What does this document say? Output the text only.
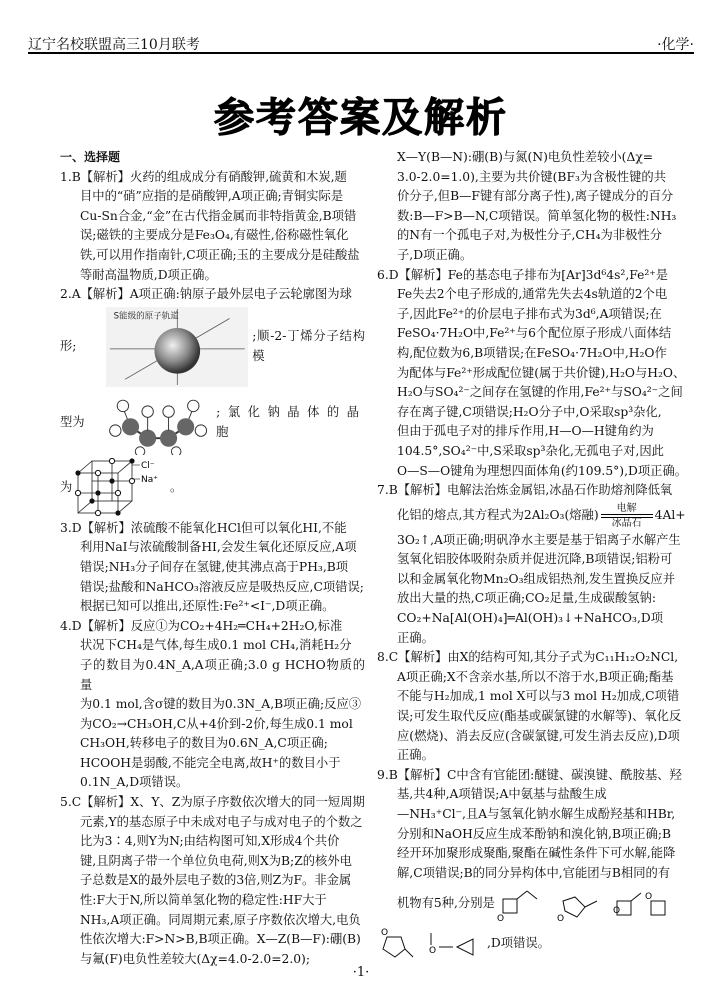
辽宁名校联盟高三10月联考	·化学·
参考答案及解析

一、选择题

1.B【解析】火药的组成成分有硝酸钾,硫黄和木炭,题

目中的“硝”应指的是硝酸钾,A项正确;青铜实际是

Cu-Sn合金,“金”在古代指金属而非特指黄金,B项错

误;磁铁的主要成分是Fe₃O₄,有磁性,俗称磁性氧化

铁,可以用作指南针,C项正确;玉的主要成分是硅酸盐

等耐高温物质,D项正确。

2.A【解析】A项正确:钠原子最外层电子云轮廓图为球

形;
S能级的原子轨道
;顺-2-丁烯分子结构模
型为
;氯化钠晶体的晶胞
为
Cl⁻
Na⁺
。

3.D【解析】浓硫酸不能氧化HCl但可以氧化HI,不能

利用NaI与浓硫酸制备HI,会发生氧化还原反应,A项

错误;NH₃分子间存在氢键,使其沸点高于PH₃,B项

错误;盐酸和NaHCO₃溶液反应是吸热反应,C项错误;

根据已知可以推出,还原性:Fe²⁺<I⁻,D项正确。

4.D【解析】反应①为CO₂+4H₂═CH₄+2H₂O,标准

状况下CH₄是气体,每生成0.1 mol CH₄,消耗H₂分

子的数目为0.4N_A,A项正确;3.0 g HCHO物质的量

为0.1 mol,含σ键的数目为0.3N_A,B项正确;反应③

为CO₂→CH₃OH,C从+4价到-2价,每生成0.1 mol

CH₃OH,转移电子的数目为0.6N_A,C项正确;

HCOOH是弱酸,不能完全电离,故H⁺的数目小于

0.1N_A,D项错误。

5.C【解析】X、Y、Z为原子序数依次增大的同一短周期

元素,Y的基态原子中未成对电子与成对电子的个数之

比为3∶4,则Y为N;由结构图可知,X形成4个共价

键,且阴离子带一个单位负电荷,则X为B;Z的核外电

子总数是X的最外层电子数的3倍,则Z为F。非金属

性:F大于N,所以简单氢化物的稳定性:HF大于

NH₃,A项正确。同周期元素,原子序数依次增大,电负

性依次增大:F>N>B,B项正确。X—Z(B—F):硼(B)

与氟(F)电负性差较大(Δχ=4.0-2.0=2.0);

X—Y(B—N):硼(B)与氮(N)电负性差较小(Δχ=

3.0-2.0=1.0),主要为共价键(BF₃为含极性键的共

价分子,但B—F键有部分离子性),离子键成分的百分

数:B—F>B—N,C项错误。简单氢化物的极性:NH₃

的N有一个孤电子对,为极性分子,CH₄为非极性分

子,D项正确。

6.D【解析】Fe的基态电子排布为[Ar]3d⁶4s²,Fe²⁺是

Fe失去2个电子形成的,通常先失去4s轨道的2个电

子,因此Fe²⁺的价层电子排布式为3d⁶,A项错误;在

FeSO₄·7H₂O中,Fe²⁺与6个配位原子形成八面体结

构,配位数为6,B项错误;在FeSO₄·7H₂O中,H₂O作

为配体与Fe²⁺形成配位键(属于共价键),H₂O与H₂O、

H₂O与SO₄²⁻之间存在氢键的作用,Fe²⁺与SO₄²⁻之间

存在离子键,C项错误;H₂O分子中,O采取sp³杂化,

但由于孤电子对的排斥作用,H—O—H键角约为

104.5°,SO₄²⁻中,S采取sp³杂化,无孤电子对,因此

O—S—O键角为理想四面体角(约109.5°),D项正确。

7.B【解析】电解法治炼金属铝,冰晶石作助熔剂降低氧

化铝的熔点,其方程式为2Al₂O₃(熔融) 电解
冰晶石
4Al+

3O₂↑,A项正确;明矾净水主要是基于铝离子水解产生

氢氧化铝胶体吸附杂质并促进沉降,B项错误;铝粉可

以和金属氧化物Mn₂O₃组成铝热剂,发生置换反应并

放出大量的热,C项正确;CO₂足量,生成碳酸氢钠:

CO₂+Na[Al(OH)₄]═Al(OH)₃↓+NaHCO₃,D项

正确。

8.C【解析】由X的结构可知,其分子式为C₁₁H₁₂O₂NCl,

A项正确;X不含亲水基,所以不溶于水,B项正确;酯基

不能与H₂加成,1 mol X可以与3 mol H₂加成,C项错

误;可发生取代反应(酯基或碳氯键的水解等)、氧化反

应(燃烧)、消去反应(含碳氯键,可发生消去反应),D项

正确。

9.B【解析】C中含有官能团:醚键、碳溴键、酰胺基、羟

基,共4种,A项错误;A中氨基与盐酸生成

—NH₃⁺Cl⁻,且A与氢氧化钠水解生成酚羟基和HBr,

分别和NaOH反应生成苯酚钠和溴化钠,B项正确;B

经开环加聚形成聚酯,聚酯在碱性条件下可水解,能降

解,C项错误;B的同分异构体中,官能团与B相同的有

机物有5种,分别是
O	O
O
O
O
O
,D项错误。
·1·
